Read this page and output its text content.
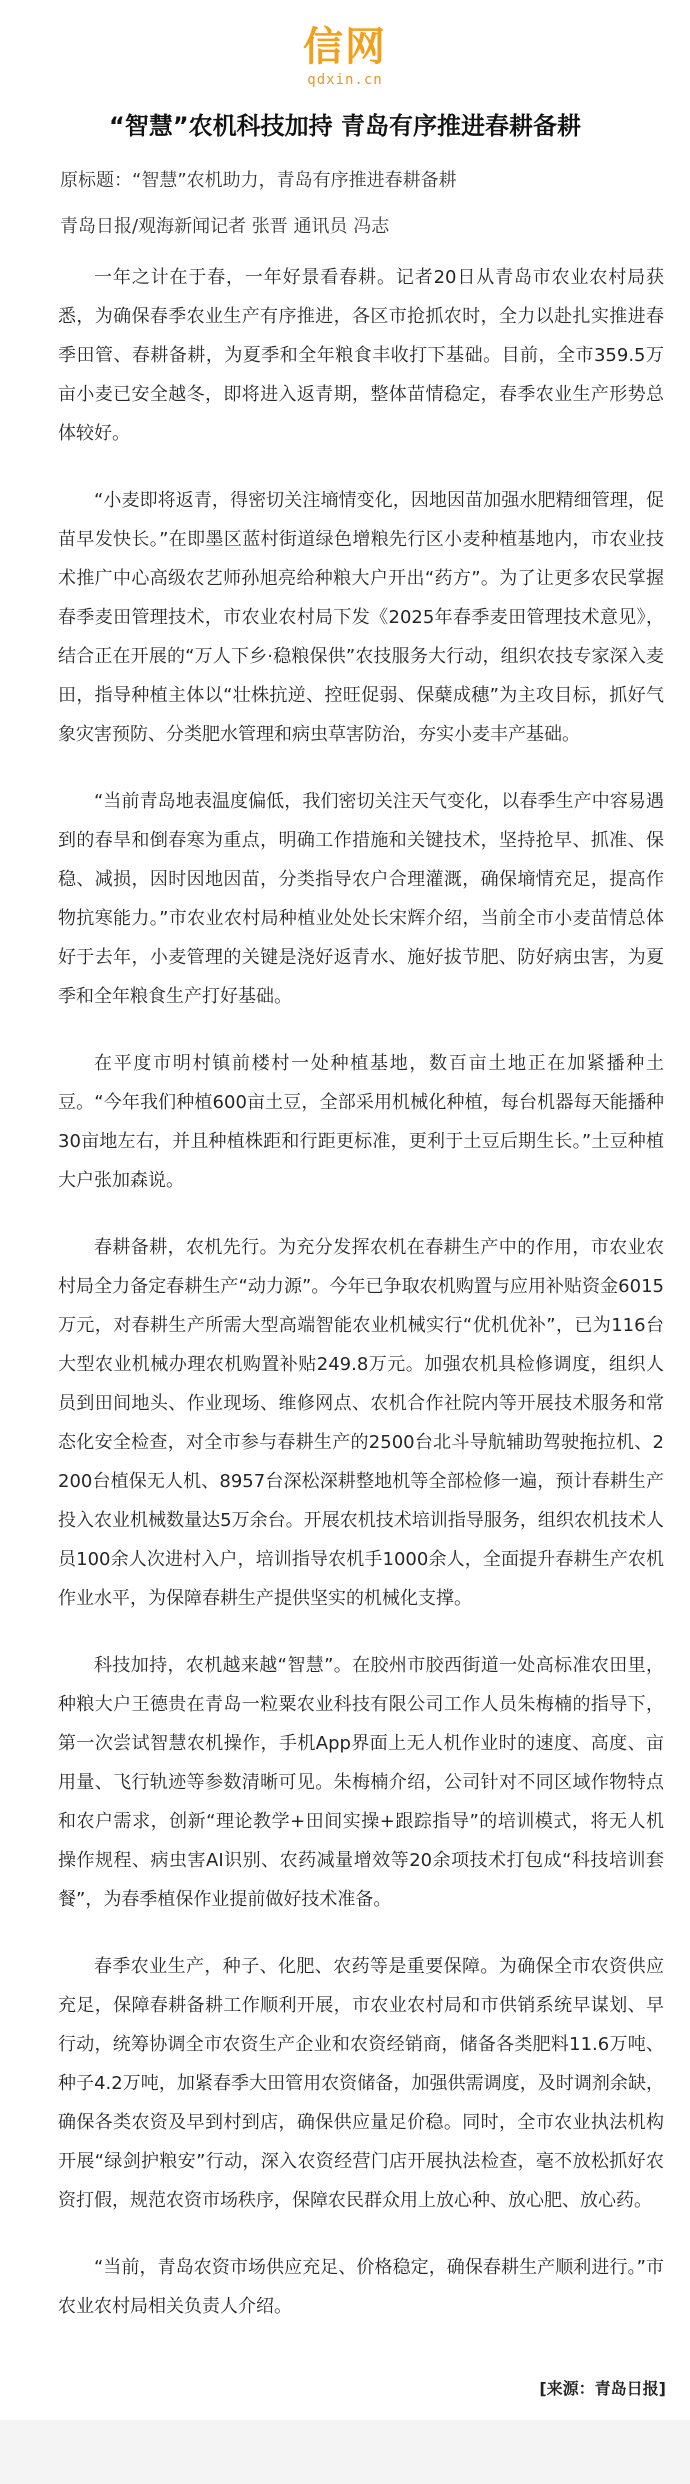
信网
qdxin.cn
“智慧”农机科技加持 青岛有序推进春耕备耕

原标题：“智慧”农机助力，青岛有序推进春耕备耕

青岛日报/观海新闻记者 张晋 通讯员 冯志

一年之计在于春，一年好景看春耕。记者20日从青岛市农业农村局获悉，为确保春季农业生产有序推进，各区市抢抓农时，全力以赴扎实推进春季田管、春耕备耕，为夏季和全年粮食丰收打下基础。目前，全市359.5万亩小麦已安全越冬，即将进入返青期，整体苗情稳定，春季农业生产形势总体较好。

“小麦即将返青，得密切关注墒情变化，因地因苗加强水肥精细管理，促苗早发快长。”在即墨区蓝村街道绿色增粮先行区小麦种植基地内，市农业技术推广中心高级农艺师孙旭亮给种粮大户开出“药方”。为了让更多农民掌握春季麦田管理技术，市农业农村局下发《2025年春季麦田管理技术意见》，结合正在开展的“万人下乡·稳粮保供”农技服务大行动，组织农技专家深入麦田，指导种植主体以“壮株抗逆、控旺促弱、保蘖成穗”为主攻目标，抓好气象灾害预防、分类肥水管理和病虫草害防治，夯实小麦丰产基础。

“当前青岛地表温度偏低，我们密切关注天气变化，以春季生产中容易遇到的春旱和倒春寒为重点，明确工作措施和关键技术，坚持抢早、抓准、保稳、减损，因时因地因苗，分类指导农户合理灌溉，确保墒情充足，提高作物抗寒能力。”市农业农村局种植业处处长宋辉介绍，当前全市小麦苗情总体好于去年，小麦管理的关键是浇好返青水、施好拔节肥、防好病虫害，为夏季和全年粮食生产打好基础。

在平度市明村镇前楼村一处种植基地，数百亩土地正在加紧播种土豆。“今年我们种植600亩土豆，全部采用机械化种植，每台机器每天能播种30亩地左右，并且种植株距和行距更标准，更利于土豆后期生长。”土豆种植大户张加森说。

春耕备耕，农机先行。为充分发挥农机在春耕生产中的作用，市农业农村局全力备定春耕生产“动力源”。今年已争取农机购置与应用补贴资金6015万元，对春耕生产所需大型高端智能农业机械实行“优机优补”，已为116台大型农业机械办理农机购置补贴249.8万元。加强农机具检修调度，组织人员到田间地头、作业现场、维修网点、农机合作社院内等开展技术服务和常态化安全检查，对全市参与春耕生产的2500台北斗导航辅助驾驶拖拉机、2200台植保无人机、8957台深松深耕整地机等全部检修一遍，预计春耕生产投入农业机械数量达5万余台。开展农机技术培训指导服务，组织农机技术人员100余人次进村入户，培训指导农机手1000余人，全面提升春耕生产农机作业水平，为保障春耕生产提供坚实的机械化支撑。

科技加持，农机越来越“智慧”。在胶州市胶西街道一处高标准农田里，种粮大户王德贵在青岛一粒粟农业科技有限公司工作人员朱梅楠的指导下，第一次尝试智慧农机操作，手机App界面上无人机作业时的速度、高度、亩用量、飞行轨迹等参数清晰可见。朱梅楠介绍，公司针对不同区域作物特点和农户需求，创新“理论教学+田间实操+跟踪指导”的培训模式，将无人机操作规程、病虫害AI识别、农药减量增效等20余项技术打包成“科技培训套餐”，为春季植保作业提前做好技术准备。

春季农业生产，种子、化肥、农药等是重要保障。为确保全市农资供应充足，保障春耕备耕工作顺利开展，市农业农村局和市供销系统早谋划、早行动，统筹协调全市农资生产企业和农资经销商，储备各类肥料11.6万吨、种子4.2万吨，加紧春季大田管用农资储备，加强供需调度，及时调剂余缺，确保各类农资及早到村到店，确保供应量足价稳。同时，全市农业执法机构开展“绿剑护粮安”行动，深入农资经营门店开展执法检查，毫不放松抓好农资打假，规范农资市场秩序，保障农民群众用上放心种、放心肥、放心药。

“当前，青岛农资市场供应充足、价格稳定，确保春耕生产顺利进行。”市农业农村局相关负责人介绍。

[来源：青岛日报]
